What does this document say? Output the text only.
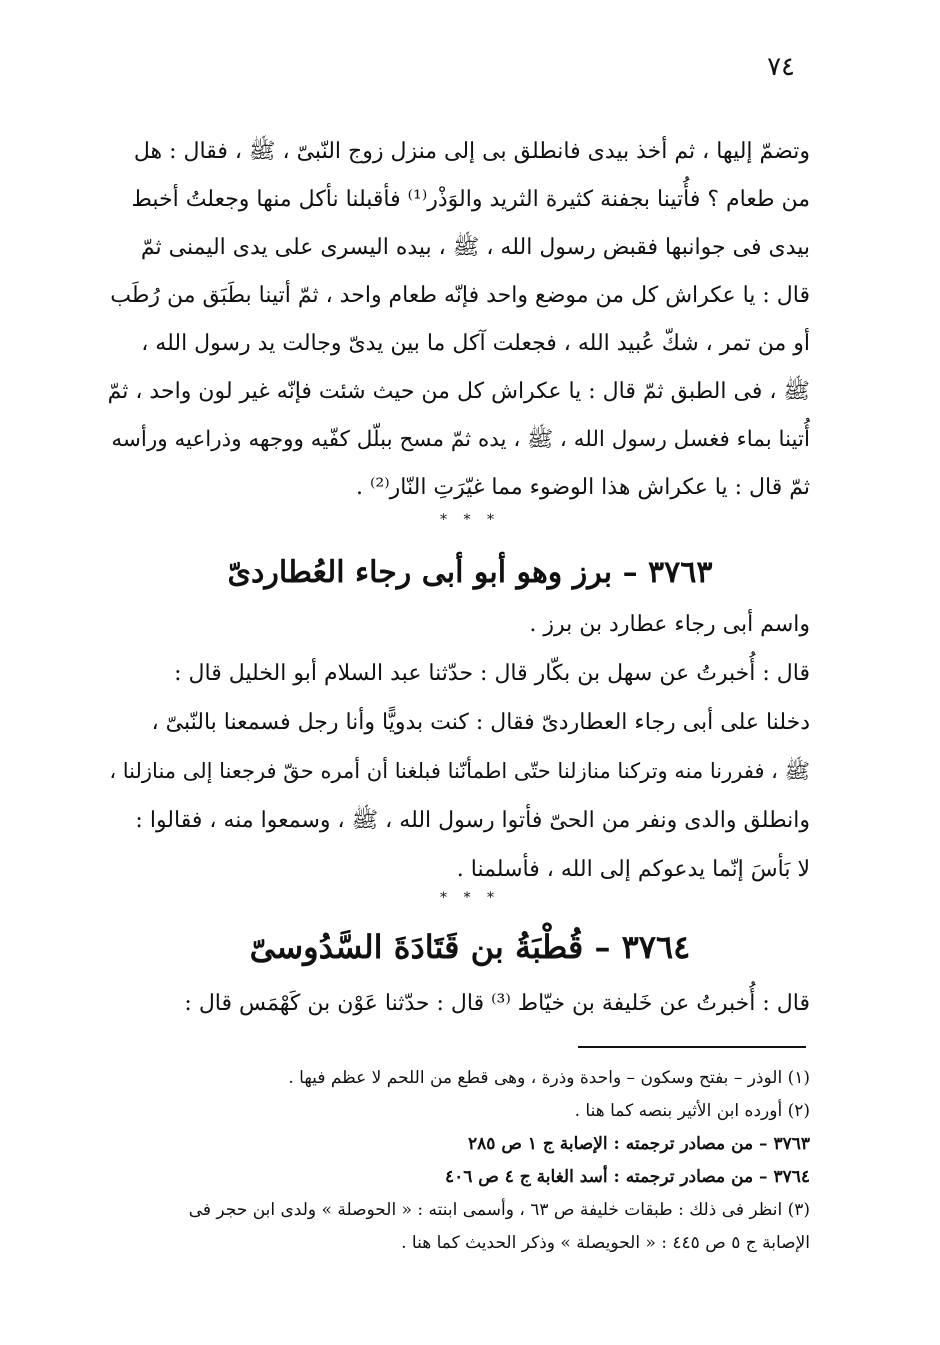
٧٤
وتضمّ إليها ، ثم أخذ بيدى فانطلق بى إلى منزل زوج النّبىّ ، ﷺ ، فقال : هل
من طعام ؟ فأُتينا بجفنة كثيرة الثريد والوَذْر⁽¹⁾ فأقبلنا نأكل منها وجعلتُ أخبط
بيدى فى جوانبها فقبض رسول الله ، ﷺ ، بيده اليسرى على يدى اليمنى ثمّ
قال : يا عكراش كل من موضع واحد فإنّه طعام واحد ، ثمّ أتينا بطَبَق من رُطَب
أو من تمر ، شكّ عُبيد الله ، فجعلت آكل ما بين يدىّ وجالت يد رسول الله ،
ﷺ ، فى الطبق ثمّ قال : يا عكراش كل من حيث شئت فإنّه غير لون واحد ، ثمّ
أُتينا بماء فغسل رسول الله ، ﷺ ، يده ثمّ مسح ببلّل كفّيه ووجهه وذراعيه ورأسه
ثمّ قال : يا عكراش هذا الوضوء مما غيّرَتِ النّار⁽²⁾ .
* * *
٣٧٦٣ – برز وهو أبو أبى رجاء العُطاردىّ
واسم أبى رجاء عطارد بن برز .
قال : أُخبرتُ عن سهل بن بكّار قال : حدّثنا عبد السلام أبو الخليل قال :
دخلنا على أبى رجاء العطاردىّ فقال : كنت بدويًّا وأنا رجل فسمعنا بالنّبىّ ،
ﷺ ، ففررنا منه وتركنا منازلنا حتّى اطمأنّنا فبلغنا أن أمره حقّ فرجعنا إلى منازلنا ،
وانطلق والدى ونفر من الحىّ فأتوا رسول الله ، ﷺ ، وسمعوا منه ، فقالوا :
لا بَأسَ إنّما يدعوكم إلى الله ، فأسلمنا .
* * *
٣٧٦٤ – قُطْبَةُ بن قَتَادَةَ السَّدُوسىّ
قال : أُخبرتُ عن خَليفة بن خيّاط ⁽³⁾ قال : حدّثنا عَوْن بن كَهْمَس قال :
(١) الوذر – بفتح وسكون – واحدة وذرة ، وهى قطع من اللحم لا عظم فيها .
(٢) أورده ابن الأثير بنصه كما هنا .
٣٧٦٣ – من مصادر ترجمته : الإصابة ج ١ ص ٢٨٥
٣٧٦٤ – من مصادر ترجمته : أسد الغابة ج ٤ ص ٤٠٦
(٣) انظر فى ذلك : طبقات خليفة ص ٦٣ ، وأسمى ابنته : « الحوصلة » ولدى ابن حجر فى
الإصابة ج ٥ ص ٤٤٥ : « الحويصلة » وذكر الحديث كما هنا .
